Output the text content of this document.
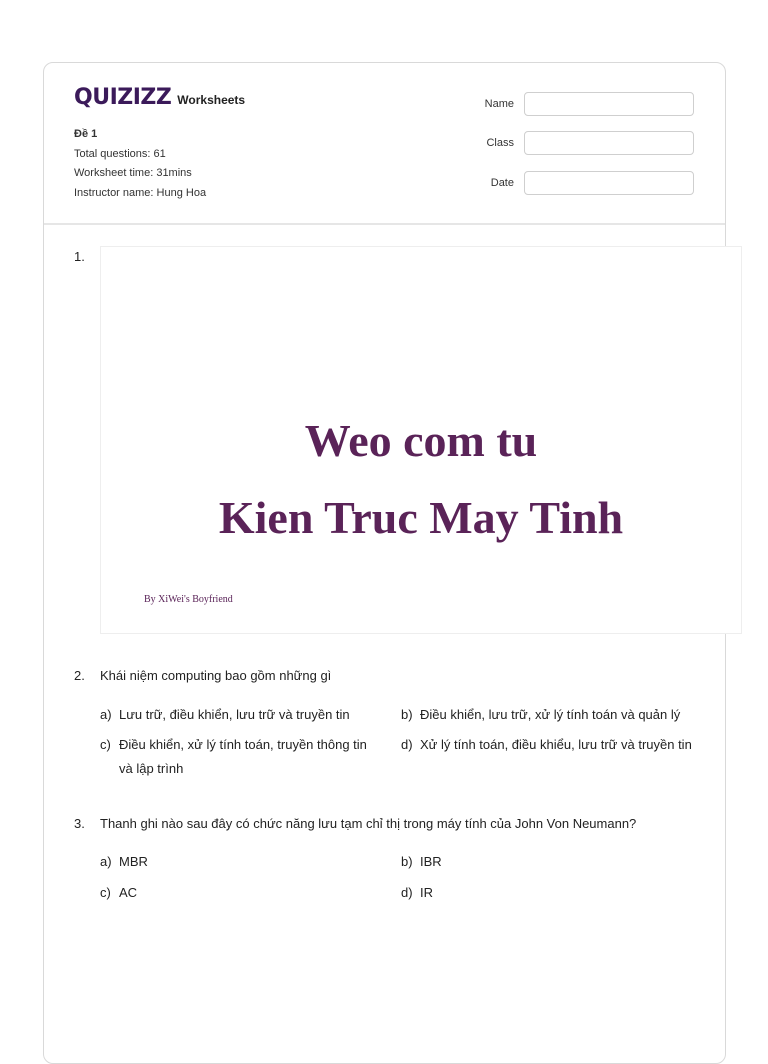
QUIZIZZ Worksheets
Đề 1
Total questions: 61
Worksheet time: 31mins
Instructor name: Hung Hoa
Name
Class
Date
1.
Weo com tu
Kien Truc May Tinh
By XiWei's Boyfriend
2. Khái niệm computing bao gồm những gì
a) Lưu trữ, điều khiển, lưu trữ và truyền tin	b) Điều khiển, lưu trữ, xử lý tính toán và quản lý
c) Điều khiển, xử lý tính toán, truyền thông tin và lập trình
d) Xử lý tính toán, điều khiểu, lưu trữ và truyền tin
3. Thanh ghi nào sau đây có chức năng lưu tạm chỉ thị trong máy tính của John Von Neumann?
a) MBR	b) IBR
c) AC	d) IR
